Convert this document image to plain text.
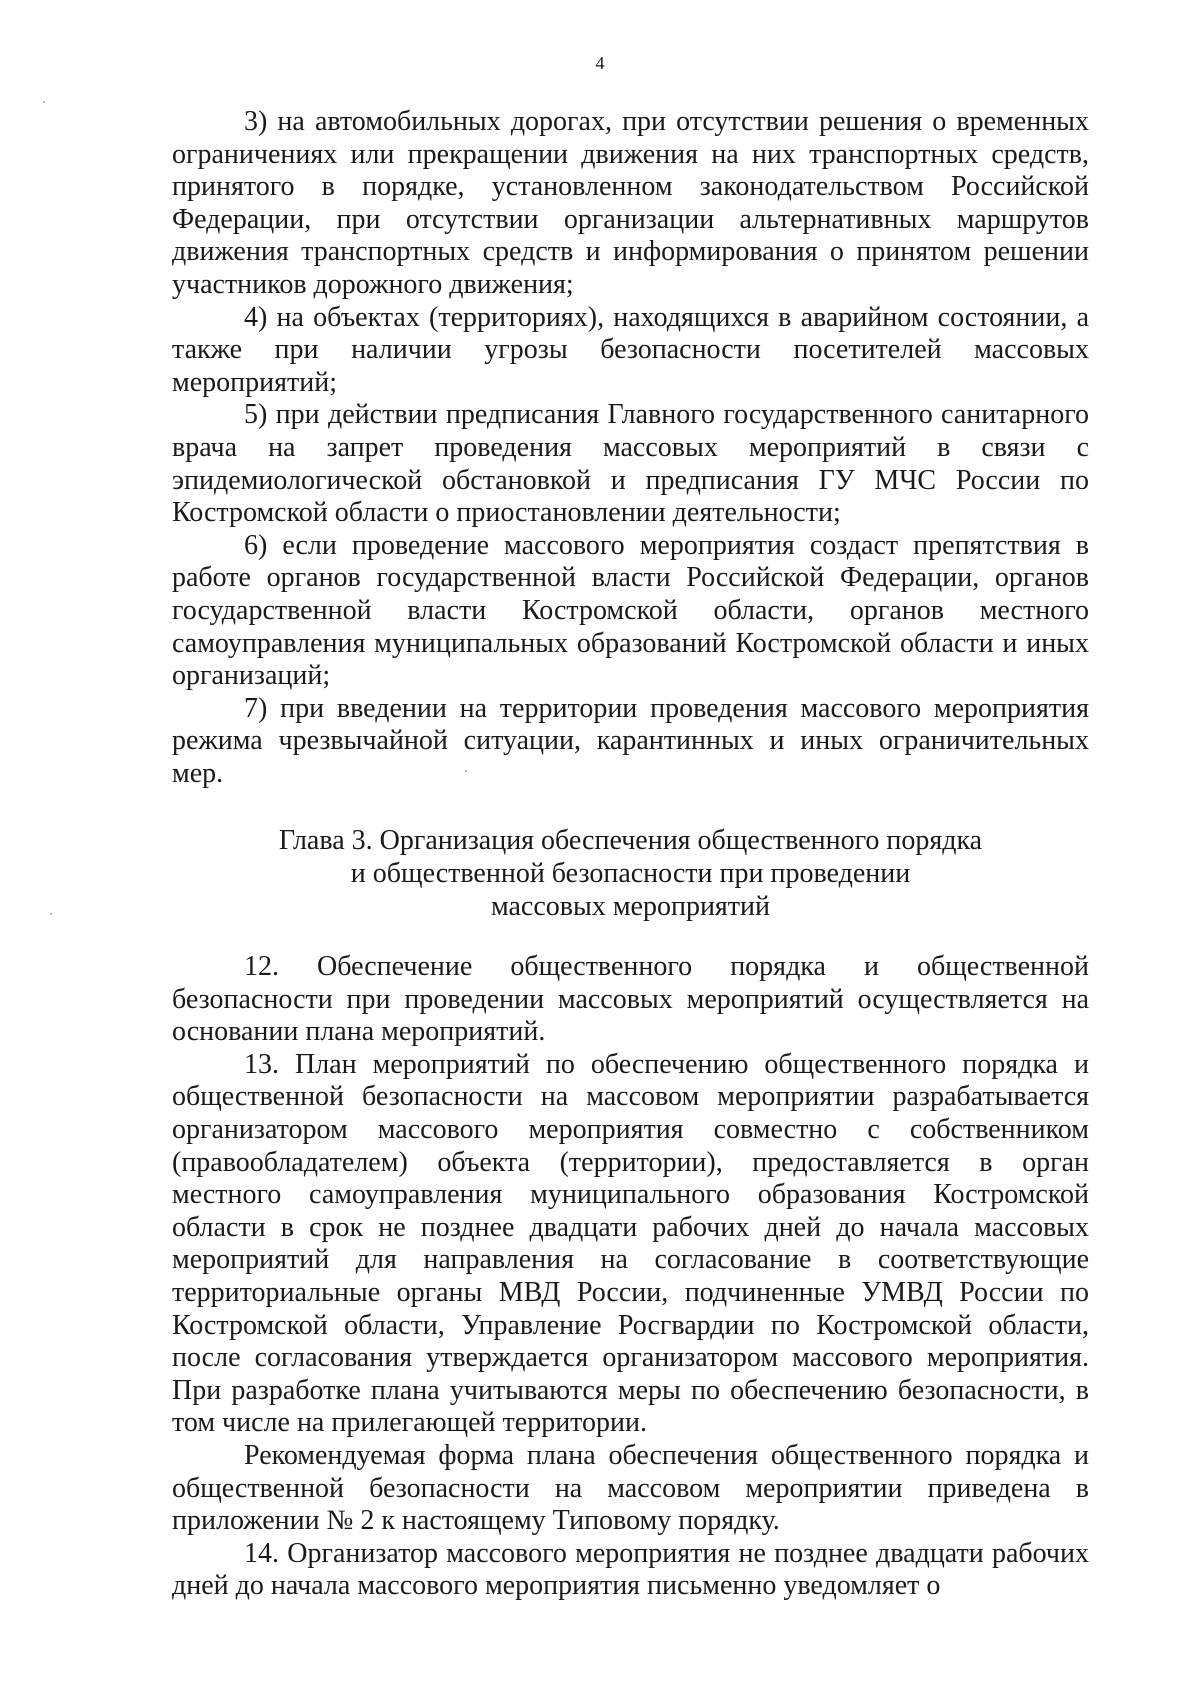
4

3) на автомобильных дорогах, при отсутствии решения о временных ограничениях или прекращении движения на них транспортных средств, принятого в порядке, установленном законодательством Российской Федерации, при отсутствии организации альтернативных маршрутов движения транспортных средств и информирования о принятом решении участников дорожного движения;

4) на объектах (территориях), находящихся в аварийном состоянии, а также при наличии угрозы безопасности посетителей массовых мероприятий;

5) при действии предписания Главного государственного санитарного врача на запрет проведения массовых мероприятий в связи с эпидемиологической обстановкой и предписания ГУ МЧС России по Костромской области о приостановлении деятельности;

6) если проведение массового мероприятия создаст препятствия в работе органов государственной власти Российской Федерации, органов государственной власти Костромской области, органов местного самоуправления муниципальных образований Костромской области и иных организаций;

7) при введении на территории проведения массового мероприятия режима чрезвычайной ситуации, карантинных и иных ограничительных мер.

Глава 3. Организация обеспечения общественного порядка
и общественной безопасности при проведении
массовых мероприятий

12. Обеспечение общественного порядка и общественной безопасности при проведении массовых мероприятий осуществляется на основании плана мероприятий.

13. План мероприятий по обеспечению общественного порядка и общественной безопасности на массовом мероприятии разрабатывается организатором массового мероприятия совместно с собственником (правообладателем) объекта (территории), предоставляется в орган местного самоуправления муниципального образования Костромской области в срок не позднее двадцати рабочих дней до начала массовых мероприятий для направления на согласование в соответствующие территориальные органы МВД России, подчиненные УМВД России по Костромской области, Управление Росгвардии по Костромской области, после согласования утверждается организатором массового мероприятия. При разработке плана учитываются меры по обеспечению безопасности, в том числе на прилегающей территории.

Рекомендуемая форма плана обеспечения общественного порядка и общественной безопасности на массовом мероприятии приведена в приложении № 2 к настоящему Типовому порядку.

14. Организатор массового мероприятия не позднее двадцати рабочих дней до начала массового мероприятия письменно уведомляет о
